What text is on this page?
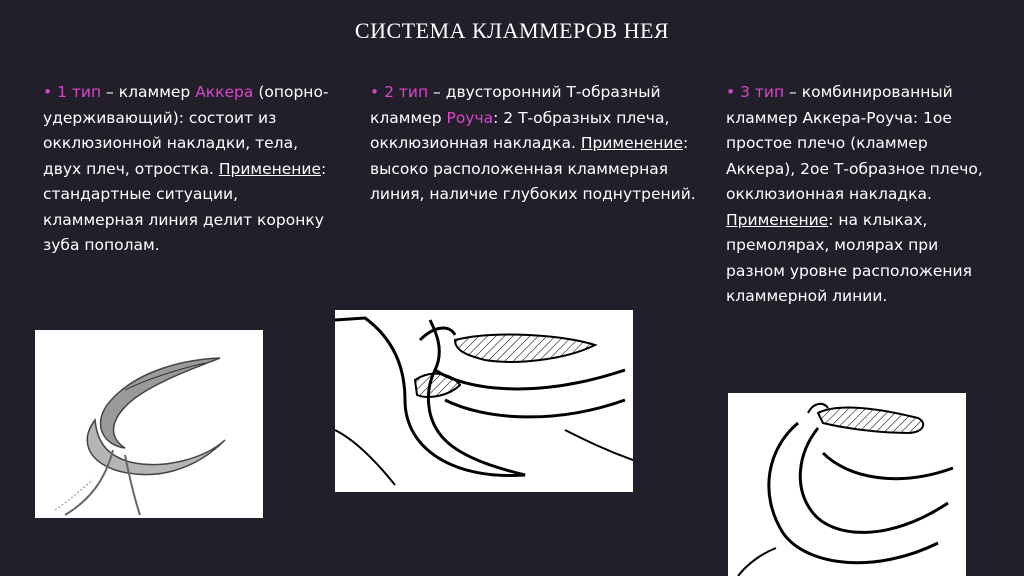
СИСТЕМА КЛАММЕРОВ НЕЯ
• 1 тип – кламмер Аккера (опорно-удерживающий): состоит из окклюзионной накладки, тела, двух плеч, отростка. Применение: стандартные ситуации, кламмерная линия делит коронку зуба пополам.
• 2 тип – двусторонний Т-образный кламмер Роуча: 2 Т-образных плеча, окклюзионная накладка. Применение: высоко расположенная кламмерная линия, наличие глубоких поднутрений.
• 3 тип – комбинированный кламмер Аккера-Роуча: 1ое простое плечо (кламмер Аккера), 2ое Т-образное плечо, окклюзионная накладка. Применение: на клыках, премолярах, молярах при разном уровне расположения кламмерной линии.
